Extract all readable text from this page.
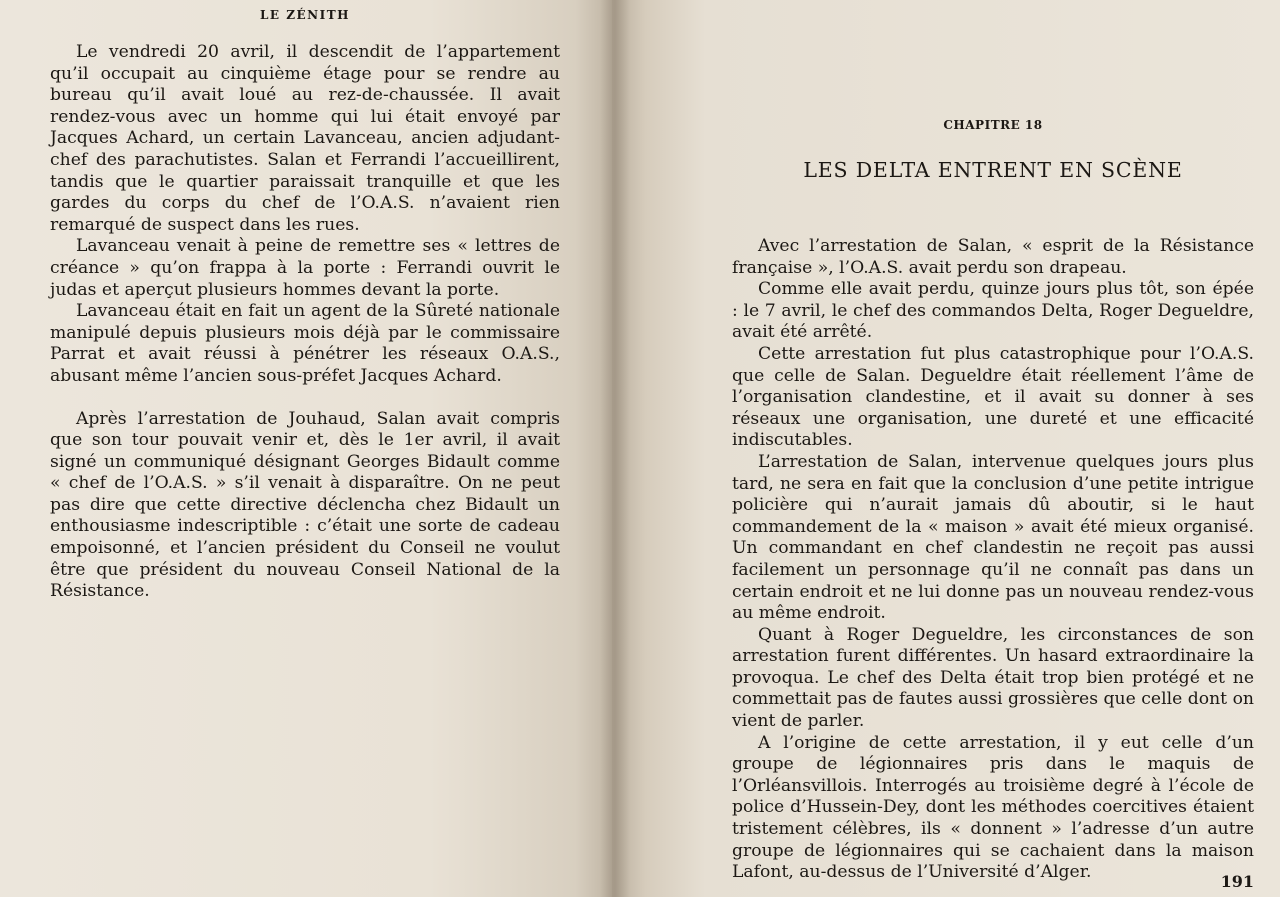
LE ZÉNITH

Le vendredi 20 avril, il descendit de l’appartement qu’il occupait au cinquième étage pour se rendre au bureau qu’il avait loué au rez-de-chaussée. Il avait rendez-vous avec un homme qui lui était envoyé par Jacques Achard, un certain Lavanceau, ancien adjudant-chef des parachutistes. Salan et Ferrandi l’accueillirent, tandis que le quartier paraissait tranquille et que les gardes du corps du chef de l’O.A.S. n’avaient rien remarqué de suspect dans les rues.

Lavanceau venait à peine de remettre ses « lettres de créance » qu’on frappa à la porte : Ferrandi ouvrit le judas et aperçut plusieurs hommes devant la porte.

Lavanceau était en fait un agent de la Sûreté nationale manipulé depuis plusieurs mois déjà par le commissaire Parrat et avait réussi à pénétrer les réseaux O.A.S., abusant même l’ancien sous-préfet Jacques Achard.

Après l’arrestation de Jouhaud, Salan avait compris que son tour pouvait venir et, dès le 1er avril, il avait signé un communiqué désignant Georges Bidault comme « chef de l’O.A.S. » s’il venait à disparaître. On ne peut pas dire que cette directive déclencha chez Bidault un enthousiasme indescriptible : c’était une sorte de cadeau empoisonné, et l’ancien président du Conseil ne voulut être que président du nouveau Conseil National de la Résistance.

CHAPITRE 18
LES DELTA ENTRENT EN SCÈNE

Avec l’arrestation de Salan, « esprit de la Résistance française », l’O.A.S. avait perdu son drapeau.

Comme elle avait perdu, quinze jours plus tôt, son épée : le 7 avril, le chef des commandos Delta, Roger Degueldre, avait été arrêté.

Cette arrestation fut plus catastrophique pour l’O.A.S. que celle de Salan. Degueldre était réellement l’âme de l’organisation clandestine, et il avait su donner à ses réseaux une organisation, une dureté et une efficacité indiscutables.

L’arrestation de Salan, intervenue quelques jours plus tard, ne sera en fait que la conclusion d’une petite intrigue policière qui n’aurait jamais dû aboutir, si le haut commandement de la « maison » avait été mieux organisé. Un commandant en chef clandestin ne reçoit pas aussi facilement un personnage qu’il ne connaît pas dans un certain endroit et ne lui donne pas un nouveau rendez-vous au même endroit.

Quant à Roger Degueldre, les circonstances de son arrestation furent différentes. Un hasard extraordinaire la provoqua. Le chef des Delta était trop bien protégé et ne commettait pas de fautes aussi grossières que celle dont on vient de parler.

A l’origine de cette arrestation, il y eut celle d’un groupe de légionnaires pris dans le maquis de l’Orléansvillois. Interrogés au troisième degré à l’école de police d’Hussein-Dey, dont les méthodes coercitives étaient tristement célèbres, ils « donnent » l’adresse d’un autre groupe de légionnaires qui se cachaient dans la maison Lafont, au-dessus de l’Université d’Alger.	191
